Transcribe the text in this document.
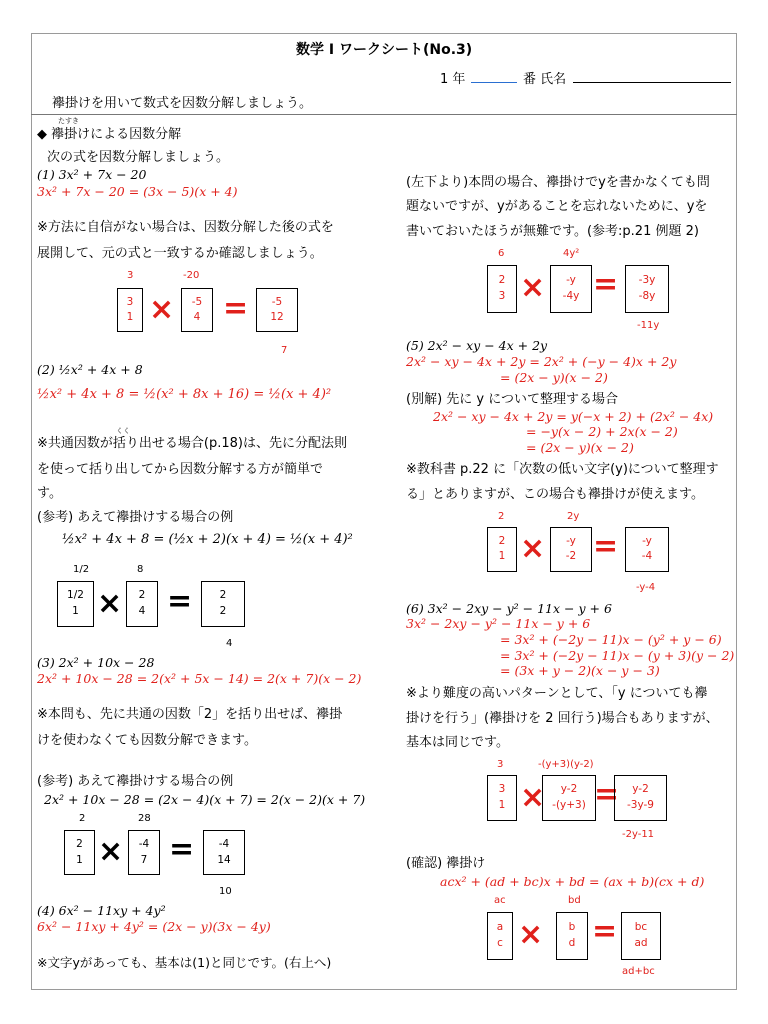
数学 I ワークシート(No.3)
1 年	番 氏名
襷掛けを用いて数式を因数分解しましょう。
たすき
◆ 襷掛けによる因数分解
次の式を因数分解しましょう。
(1) 3x² + 7x − 20
3x² + 7x − 20 = (3x − 5)(x + 4)
※方法に自信がない場合は、因数分解した後の式を
展開して、元の式と一致するか確認しましょう。
3	-20
3
1 ×	-5
4 =	-5
12
7
(2) ½x² + 4x + 8
½x² + 4x + 8 = ½(x² + 8x + 16) = ½(x + 4)²
くく
※共通因数が括り出せる場合(p.18)は、先に分配法則
を使って括り出してから因数分解する方が簡単で
す。
(参考) あえて襷掛けする場合の例
½x² + 4x + 8 = (½x + 2)(x + 4) = ½(x + 4)²
1/2	8
1/2
1 ×	2
4 =	2
2
4
(3) 2x² + 10x − 28
2x² + 10x − 28 = 2(x² + 5x − 14) = 2(x + 7)(x − 2)
※本問も、先に共通の因数「2」を括り出せば、襷掛
けを使わなくても因数分解できます。
(参考) あえて襷掛けする場合の例
2x² + 10x − 28 = (2x − 4)(x + 7) = 2(x − 2)(x + 7)
2	28
2
1 ×	-4
7 =	-4
14
10
(4) 6x² − 11xy + 4y²
6x² − 11xy + 4y² = (2x − y)(3x − 4y)
※文字yがあっても、基本は(1)と同じです。(右上へ)
(左下より)本問の場合、襷掛けでyを書かなくても問
題ないですが、yがあることを忘れないために、yを
書いておいたほうが無難です。(参考:p.21 例題 2)
6	4y²
2
3 ×	-y
-4y =	-3y
-8y
-11y
(5) 2x² − xy − 4x + 2y
2x² − xy − 4x + 2y = 2x² + (−y − 4)x + 2y
= (2x − y)(x − 2)
(別解) 先に y について整理する場合
2x² − xy − 4x + 2y = y(−x + 2) + (2x² − 4x)
= −y(x − 2) + 2x(x − 2)
= (2x − y)(x − 2)
※教科書 p.22 に「次数の低い文字(y)について整理す
る」とありますが、この場合も襷掛けが使えます。
2	2y
2
1 ×	-y
-2 =	-y
-4
-y-4
(6) 3x² − 2xy − y² − 11x − y + 6
3x² − 2xy − y² − 11x − y + 6
= 3x² + (−2y − 11)x − (y² + y − 6)
= 3x² + (−2y − 11)x − (y + 3)(y − 2)
= (3x + y − 2)(x − y − 3)
※より難度の高いパターンとして、「y についても襷
掛けを行う」(襷掛けを 2 回行う)場合もありますが、
基本は同じです。
3	-(y+3)(y-2)
3
1 ×	y-2
-(y+3) =	y-2
-3y-9
-2y-11
(確認) 襷掛け
acx² + (ad + bc)x + bd = (ax + b)(cx + d)
ac	bd
a
c ×	b
d =	bc
ad
ad+bc
